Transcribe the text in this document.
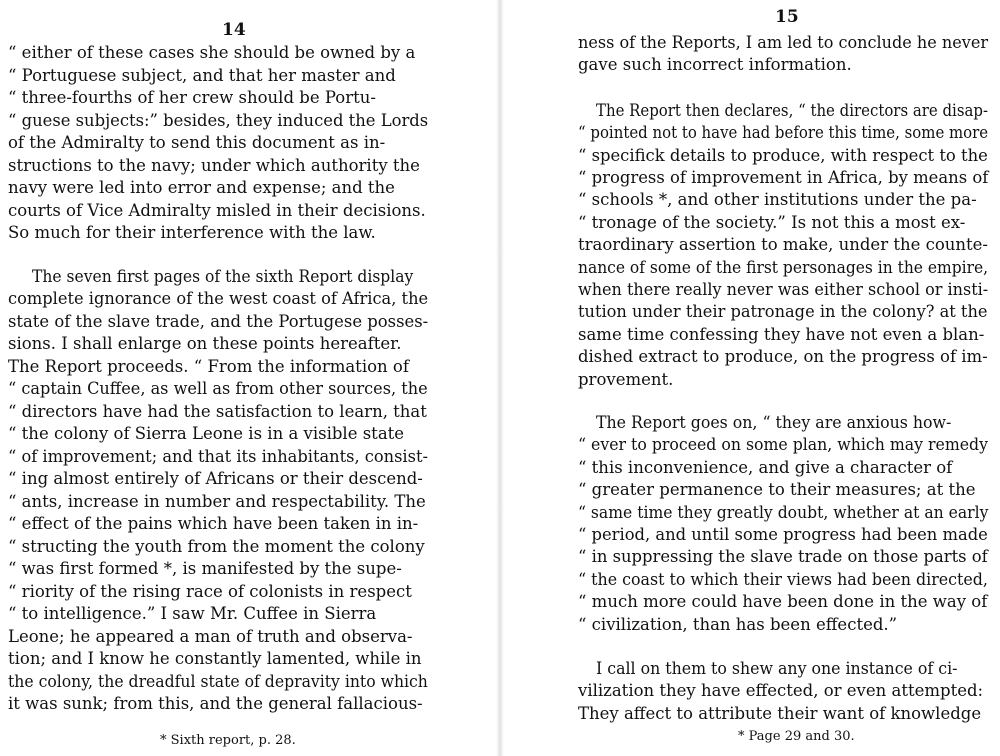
14
“ either of these cases she should be owned by a
“ Portuguese subject, and that her master and
“ three-fourths of her crew should be Portu-
“ guese subjects:” besides, they induced the Lords
of the Admiralty to send this document as in-
structions to the navy; under which authority the
navy were led into error and expense; and the
courts of Vice Admiralty misled in their decisions.
So much for their interference with the law.
The seven first pages of the sixth Report display
complete ignorance of the west coast of Africa, the
state of the slave trade, and the Portugese posses-
sions. I shall enlarge on these points hereafter.
The Report proceeds. “ From the information of
“ captain Cuffee, as well as from other sources, the
“ directors have had the satisfaction to learn, that
“ the colony of Sierra Leone is in a visible state
“ of improvement; and that its inhabitants, consist-
“ ing almost entirely of Africans or their descend-
“ ants, increase in number and respectability. The
“ effect of the pains which have been taken in in-
“ structing the youth from the moment the colony
“ was first formed *, is manifested by the supe-
“ riority of the rising race of colonists in respect
“ to intelligence.” I saw Mr. Cuffee in Sierra
Leone; he appeared a man of truth and observa-
tion; and I know he constantly lamented, while in
the colony, the dreadful state of depravity into which
it was sunk; from this, and the general fallacious-
* Sixth report, p. 28.
15
ness of the Reports, I am led to conclude he never
gave such incorrect information.
The Report then declares, “ the directors are disap-
“ pointed not to have had before this time, some more
“ specifick details to produce, with respect to the
“ progress of improvement in Africa, by means of
“ schools *, and other institutions under the pa-
“ tronage of the society.” Is not this a most ex-
traordinary assertion to make, under the counte-
nance of some of the first personages in the empire,
when there really never was either school or insti-
tution under their patronage in the colony? at the
same time confessing they have not even a blan-
dished extract to produce, on the progress of im-
provement.
The Report goes on, “ they are anxious how-
“ ever to proceed on some plan, which may remedy
“ this inconvenience, and give a character of
“ greater permanence to their measures; at the
“ same time they greatly doubt, whether at an early
“ period, and until some progress had been made
“ in suppressing the slave trade on those parts of
“ the coast to which their views had been directed,
“ much more could have been done in the way of
“ civilization, than has been effected.”
I call on them to shew any one instance of ci-
vilization they have effected, or even attempted:
They affect to attribute their want of knowledge
* Page 29 and 30.
